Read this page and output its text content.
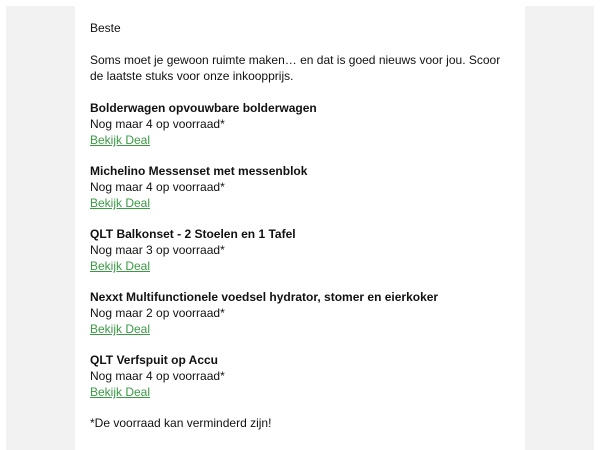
Beste

Soms moet je gewoon ruimte maken… en dat is goed nieuws voor jou. Scoor de laatste stuks voor onze inkoopprijs.

Bolderwagen opvouwbare bolderwagen
Nog maar 4 op voorraad*
Bekijk Deal
Michelino Messenset met messenblok
Nog maar 4 op voorraad*
Bekijk Deal
QLT Balkonset - 2 Stoelen en 1 Tafel
Nog maar 3 op voorraad*
Bekijk Deal
Nexxt Multifunctionele voedsel hydrator, stomer en eierkoker
Nog maar 2 op voorraad*
Bekijk Deal
QLT Verfspuit op Accu
Nog maar 4 op voorraad*
Bekijk Deal

*De voorraad kan verminderd zijn!
